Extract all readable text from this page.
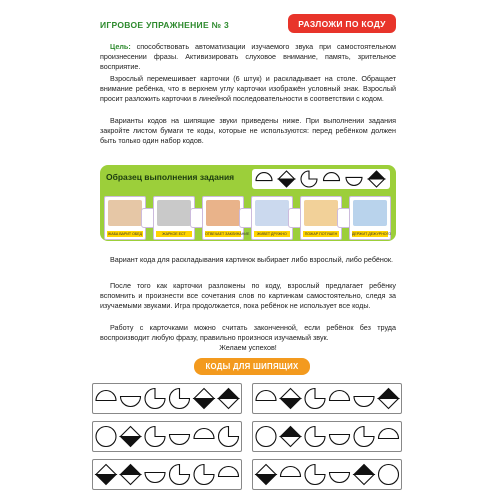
ИГРОВОЕ УПРАЖНЕНИЕ № 3	РАЗЛОЖИ ПО КОДУ
Цель: способствовать автоматизации изучаемого звука при самостоятельном произнесении фразы. Активизировать слуховое внимание, память, зрительное восприятие.
Взрослый перемешивает карточки (6 штук) и раскладывает на столе. Обращает внимание ребёнка, что в верхнем углу карточки изображён условный знак. Взрослый просит разложить карточки в линейной последовательности в соответствии с кодом.
Варианты кодов на шипящие звуки приведены ниже. При выполнении задания закройте листом бумаги те коды, которые не используются: перед ребёнком должен быть только один набор кодов.
Образец выполнения задания
ЖАБА ВАРИТ ОБЕД	ЖАРКОЕ ЕСТ	ОТВЕЧАЕТ ЗАКЛИНАНИЕ	ЖИВЕТ ДРУЖНО	ПОЖАР ПОТУШЕН	ДЕРЖИТ ДЕЖУРНОГО
Вариант кода для раскладывания картинок выбирает либо взрослый, либо ребёнок.
После того как карточки разложены по коду, взрослый предлагает ребёнку вспомнить и произнести все сочетания слов по картинкам самостоятельно, следя за изучаемыми звуками. Игра продолжается, пока ребёнок не использует все коды.
Работу с карточками можно считать законченной, если ребёнок без труда воспроизводит любую фразу, правильно произнося изучаемый звук.
Желаем успехов!
КОДЫ ДЛЯ ШИПЯЩИХ
